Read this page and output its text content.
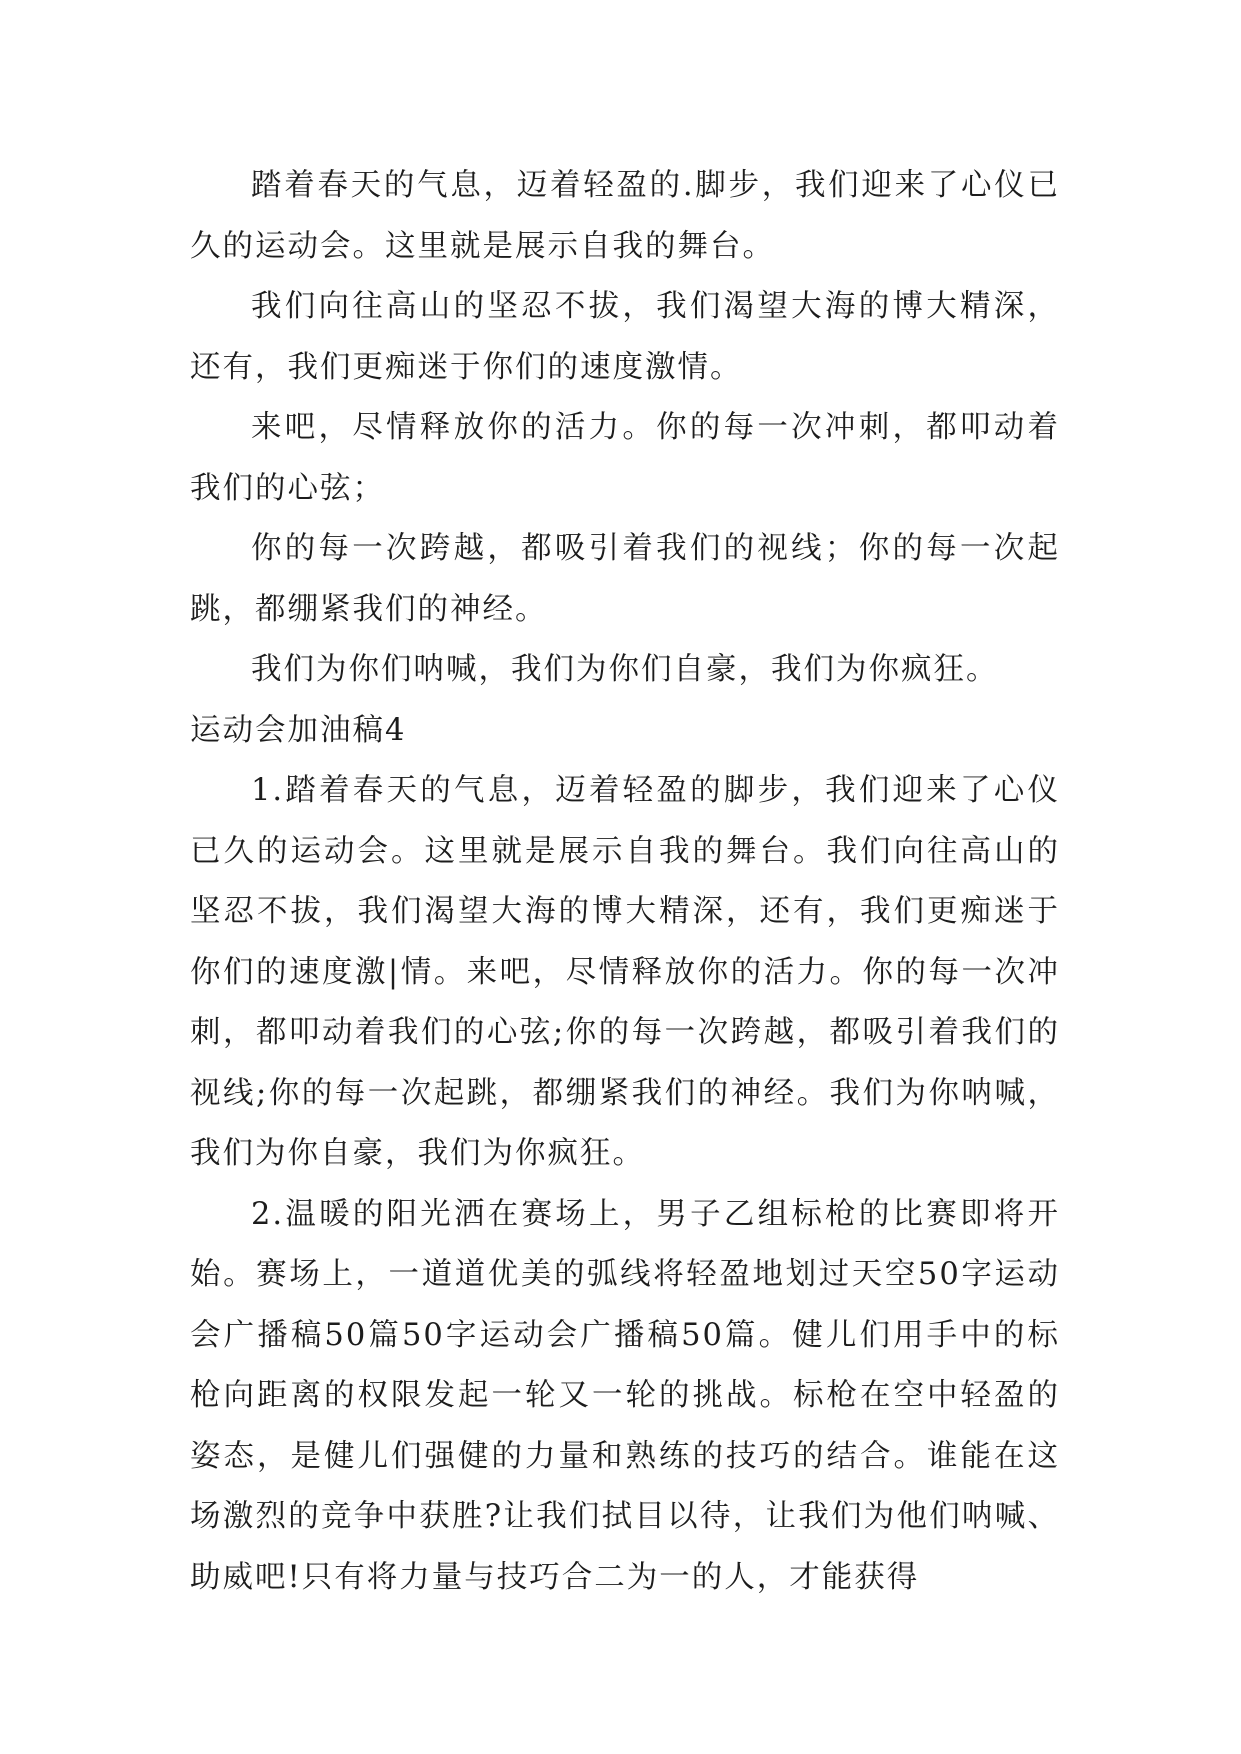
踏着春天的气息，迈着轻盈的.脚步，我们迎来了心仪已久的运动会。这里就是展示自我的舞台。

我们向往高山的坚忍不拔，我们渴望大海的博大精深，还有，我们更痴迷于你们的速度激情。

来吧，尽情释放你的活力。你的每一次冲刺，都叩动着我们的心弦；

你的每一次跨越，都吸引着我们的视线；你的每一次起跳，都绷紧我们的神经。

我们为你们呐喊，我们为你们自豪，我们为你疯狂。

运动会加油稿4

1.踏着春天的气息，迈着轻盈的脚步，我们迎来了心仪已久的运动会。这里就是展示自我的舞台。我们向往高山的坚忍不拔，我们渴望大海的博大精深，还有，我们更痴迷于你们的速度激|情。来吧，尽情释放你的活力。你的每一次冲刺，都叩动着我们的心弦;你的每一次跨越，都吸引着我们的视线;你的每一次起跳，都绷紧我们的神经。我们为你呐喊，我们为你自豪，我们为你疯狂。

2.温暖的阳光洒在赛场上，男子乙组标枪的比赛即将开始。赛场上，一道道优美的弧线将轻盈地划过天空50字运动会广播稿50篇50字运动会广播稿50篇。健儿们用手中的标枪向距离的权限发起一轮又一轮的挑战。标枪在空中轻盈的姿态，是健儿们强健的力量和熟练的技巧的结合。谁能在这场激烈的竞争中获胜?让我们拭目以待，让我们为他们呐喊、助威吧!只有将力量与技巧合二为一的人，才能获得
